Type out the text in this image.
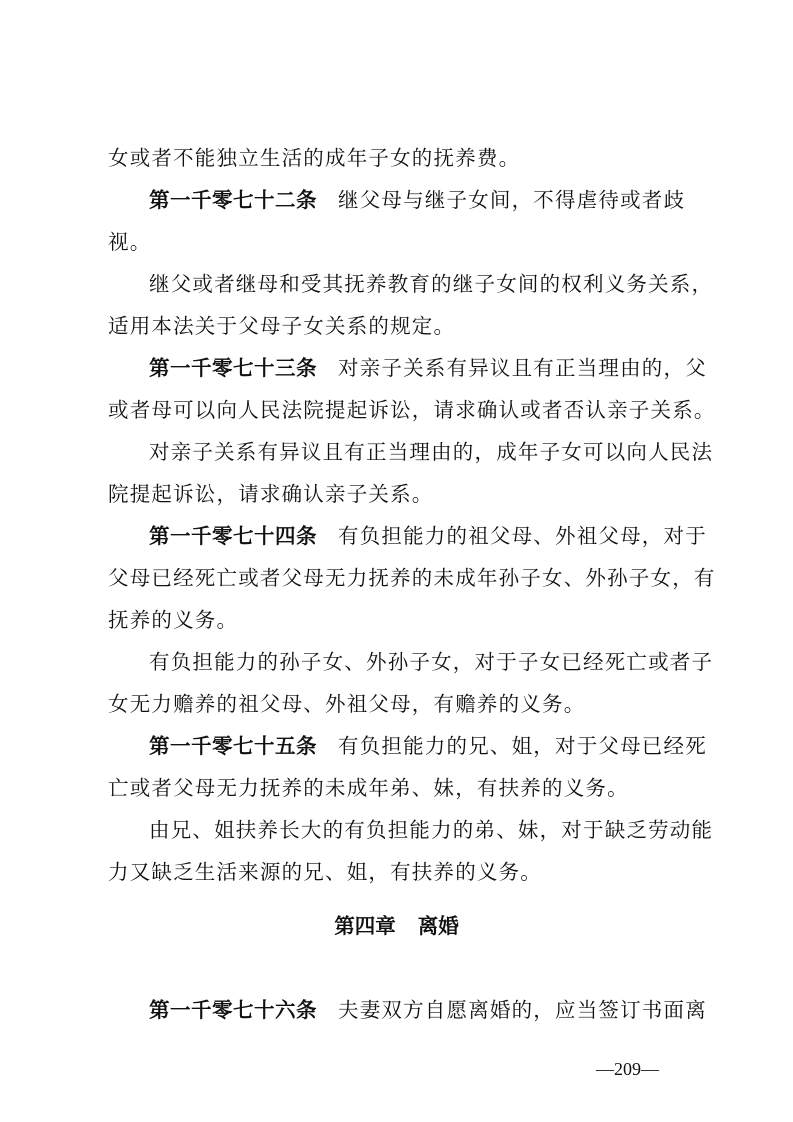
女或者不能独立生活的成年子女的抚养费。
第一千零七十二条 继父母与继子女间，不得虐待或者歧
视。
继父或者继母和受其抚养教育的继子女间的权利义务关系，
适用本法关于父母子女关系的规定。
第一千零七十三条 对亲子关系有异议且有正当理由的，父
或者母可以向人民法院提起诉讼，请求确认或者否认亲子关系。
对亲子关系有异议且有正当理由的，成年子女可以向人民法
院提起诉讼，请求确认亲子关系。
第一千零七十四条 有负担能力的祖父母、外祖父母，对于
父母已经死亡或者父母无力抚养的未成年孙子女、外孙子女，有
抚养的义务。
有负担能力的孙子女、外孙子女，对于子女已经死亡或者子
女无力赡养的祖父母、外祖父母，有赡养的义务。
第一千零七十五条 有负担能力的兄、姐，对于父母已经死
亡或者父母无力抚养的未成年弟、妹，有扶养的义务。
由兄、姐扶养长大的有负担能力的弟、妹，对于缺乏劳动能
力又缺乏生活来源的兄、姐，有扶养的义务。
第四章 离婚
第一千零七十六条 夫妻双方自愿离婚的，应当签订书面离
—209—
